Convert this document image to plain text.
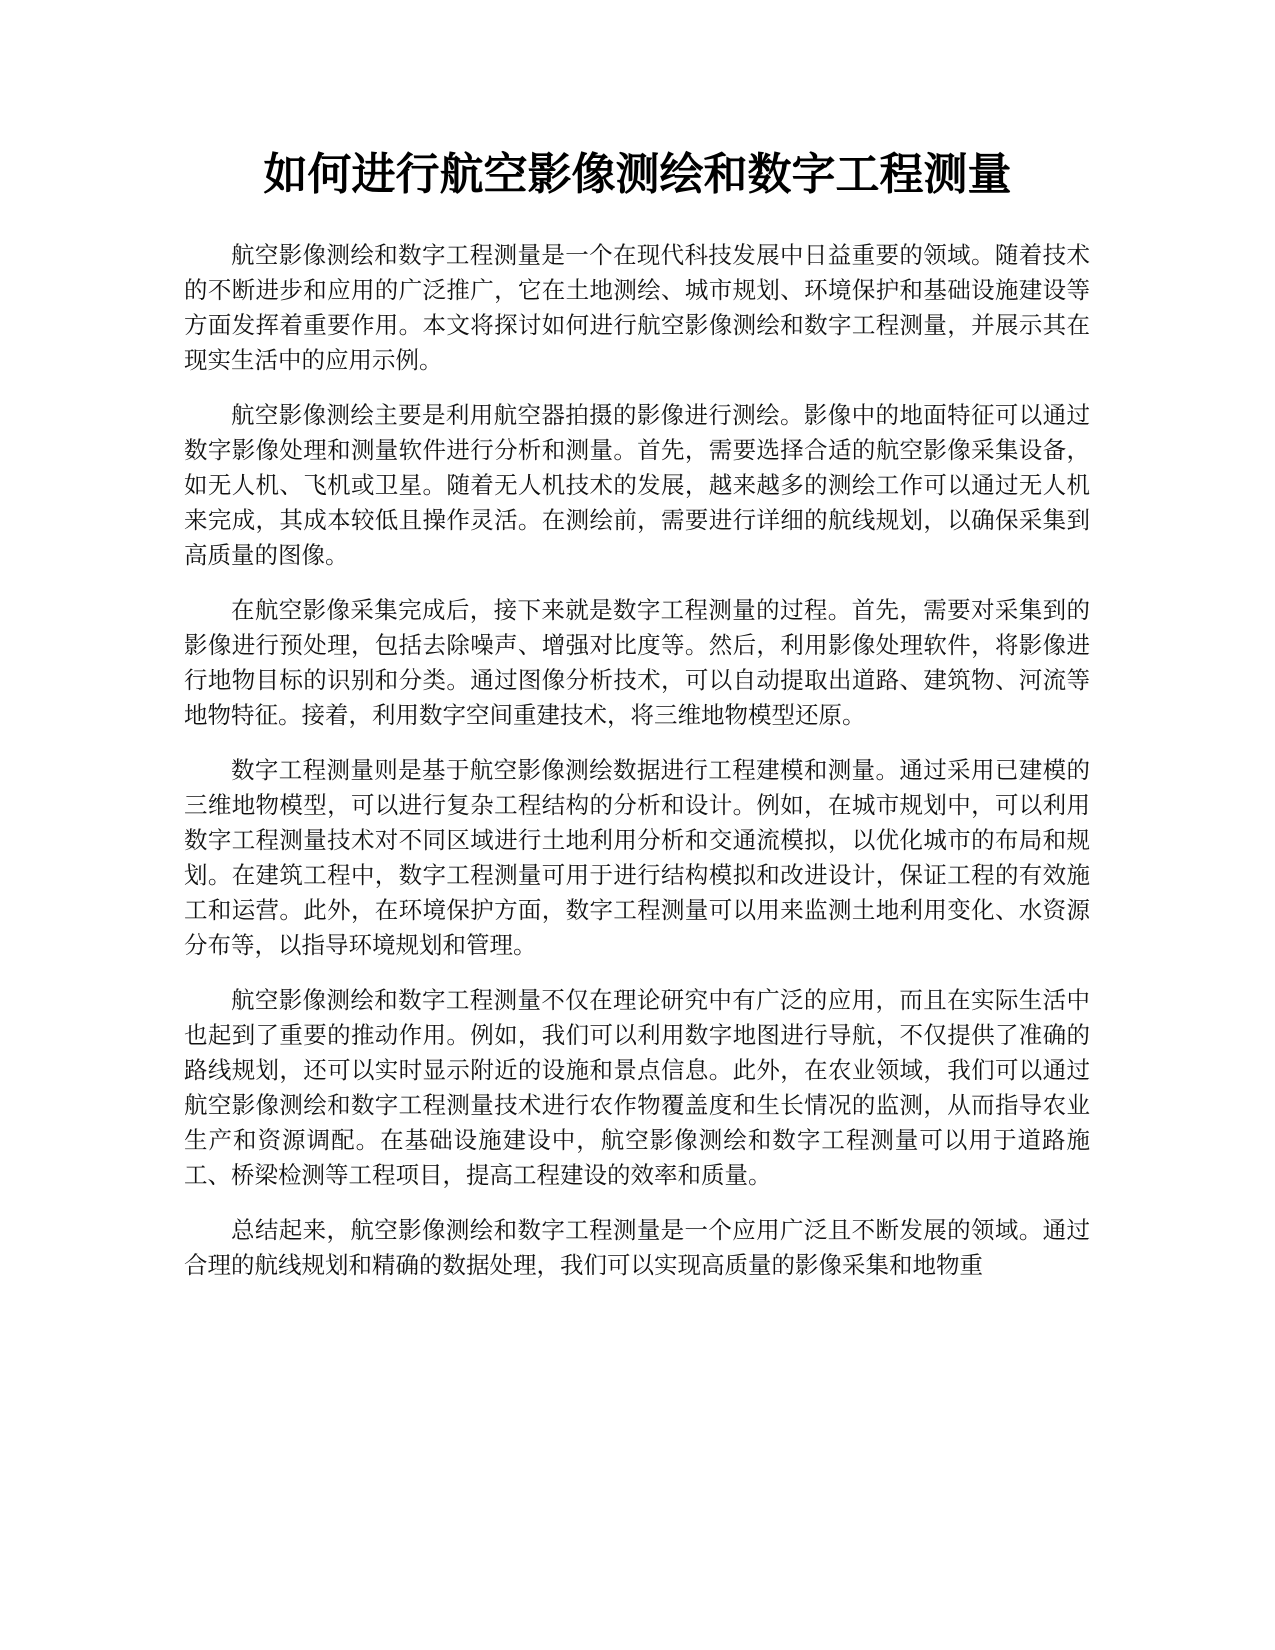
如何进行航空影像测绘和数字工程测量

航空影像测绘和数字工程测量是一个在现代科技发展中日益重要的领域。随着技术的不断进步和应用的广泛推广，它在土地测绘、城市规划、环境保护和基础设施建设等方面发挥着重要作用。本文将探讨如何进行航空影像测绘和数字工程测量，并展示其在现实生活中的应用示例。

航空影像测绘主要是利用航空器拍摄的影像进行测绘。影像中的地面特征可以通过数字影像处理和测量软件进行分析和测量。首先，需要选择合适的航空影像采集设备，如无人机、飞机或卫星。随着无人机技术的发展，越来越多的测绘工作可以通过无人机来完成，其成本较低且操作灵活。在测绘前，需要进行详细的航线规划，以确保采集到高质量的图像。

在航空影像采集完成后，接下来就是数字工程测量的过程。首先，需要对采集到的影像进行预处理，包括去除噪声、增强对比度等。然后，利用影像处理软件，将影像进行地物目标的识别和分类。通过图像分析技术，可以自动提取出道路、建筑物、河流等地物特征。接着，利用数字空间重建技术，将三维地物模型还原。

数字工程测量则是基于航空影像测绘数据进行工程建模和测量。通过采用已建模的三维地物模型，可以进行复杂工程结构的分析和设计。例如，在城市规划中，可以利用数字工程测量技术对不同区域进行土地利用分析和交通流模拟，以优化城市的布局和规划。在建筑工程中，数字工程测量可用于进行结构模拟和改进设计，保证工程的有效施工和运营。此外，在环境保护方面，数字工程测量可以用来监测土地利用变化、水资源分布等，以指导环境规划和管理。

航空影像测绘和数字工程测量不仅在理论研究中有广泛的应用，而且在实际生活中也起到了重要的推动作用。例如，我们可以利用数字地图进行导航，不仅提供了准确的路线规划，还可以实时显示附近的设施和景点信息。此外，在农业领域，我们可以通过航空影像测绘和数字工程测量技术进行农作物覆盖度和生长情况的监测，从而指导农业生产和资源调配。在基础设施建设中，航空影像测绘和数字工程测量可以用于道路施工、桥梁检测等工程项目，提高工程建设的效率和质量。

总结起来，航空影像测绘和数字工程测量是一个应用广泛且不断发展的领域。通过合理的航线规划和精确的数据处理，我们可以实现高质量的影像采集和地物重
